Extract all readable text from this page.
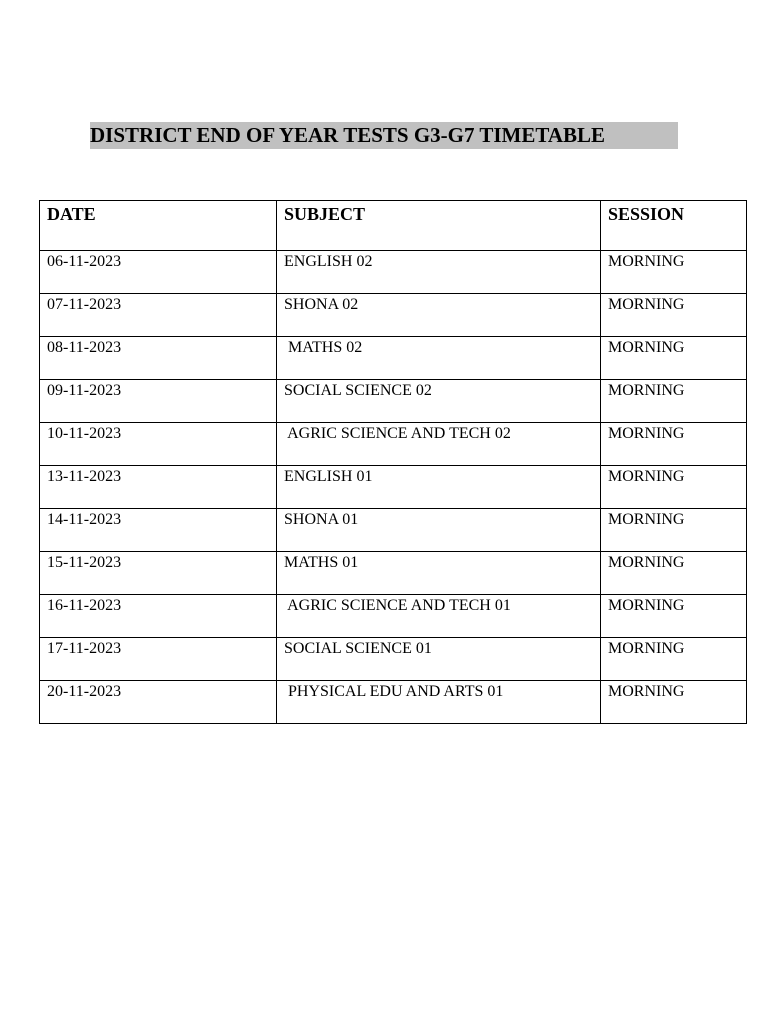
DISTRICT END OF YEAR TESTS G3-G7 TIMETABLE
DATE	SUBJECT	SESSION
06-11-2023	ENGLISH 02	MORNING
07-11-2023	SHONA 02	MORNING
08-11-2023	MATHS 02	MORNING
09-11-2023	SOCIAL SCIENCE 02	MORNING
10-11-2023	AGRIC SCIENCE AND TECH 02	MORNING
13-11-2023	ENGLISH 01	MORNING
14-11-2023	SHONA 01	MORNING
15-11-2023	MATHS 01	MORNING
16-11-2023	AGRIC SCIENCE AND TECH 01	MORNING
17-11-2023	SOCIAL SCIENCE 01	MORNING
20-11-2023	PHYSICAL EDU AND ARTS 01	MORNING
